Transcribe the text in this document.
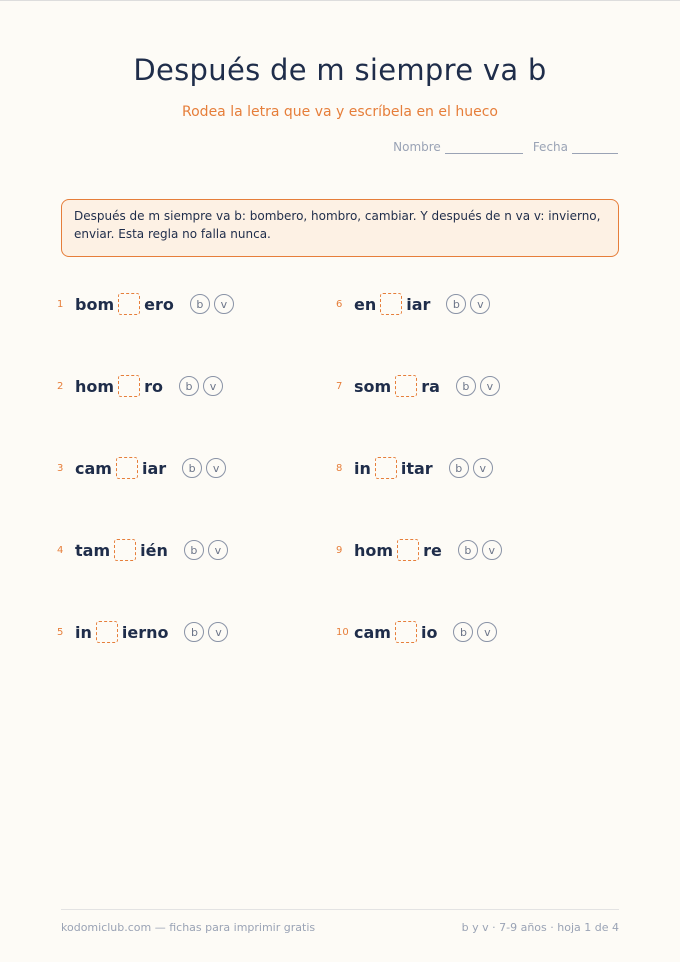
Después de m siempre va b
Rodea la letra que va y escríbela en el hueco
Nombre	Fecha
Después de m siempre va b: bombero, hombro, cambiar. Y después de n va v: invierno, enviar. Esta regla no falla nunca.
1 bom ero	b	v
2 hom ro	b	v
3 cam iar	b	v
4 tam ién	b	v
5 in ierno	b	v
6 en iar	b	v
7 som ra	b	v
8 in itar	b	v
9 hom re	b	v
10 cam io	b	v
kodomiclub.com — fichas para imprimir gratis	b y v · 7-9 años · hoja 1 de 4
